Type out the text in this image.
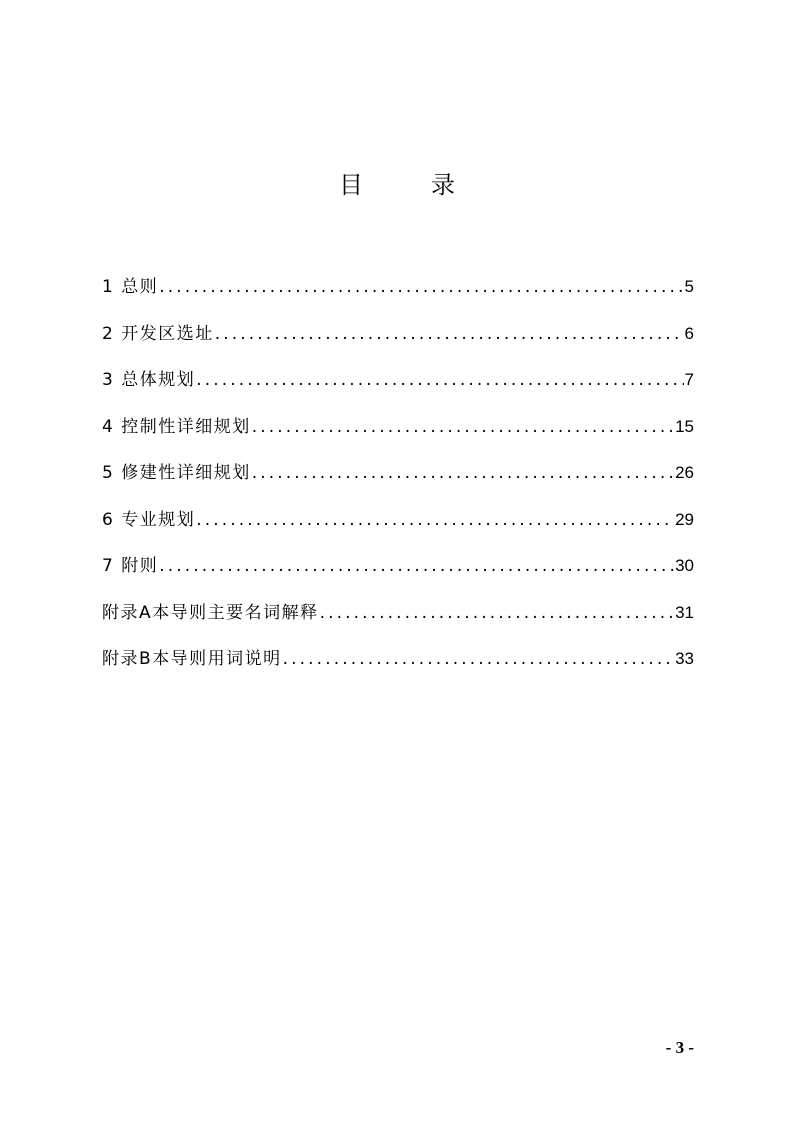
目	录
1 总则 .....	5
2 开发区选址 .....	6
3 总体规划 .....	7
4 控制性详细规划 .....	15
5 修建性详细规划 .....	26
6 专业规划 .....	29
7 附则 .....	30
附录A本导则主要名词解释 .....	31
附录B本导则用词说明 .....	33
- 3 -
